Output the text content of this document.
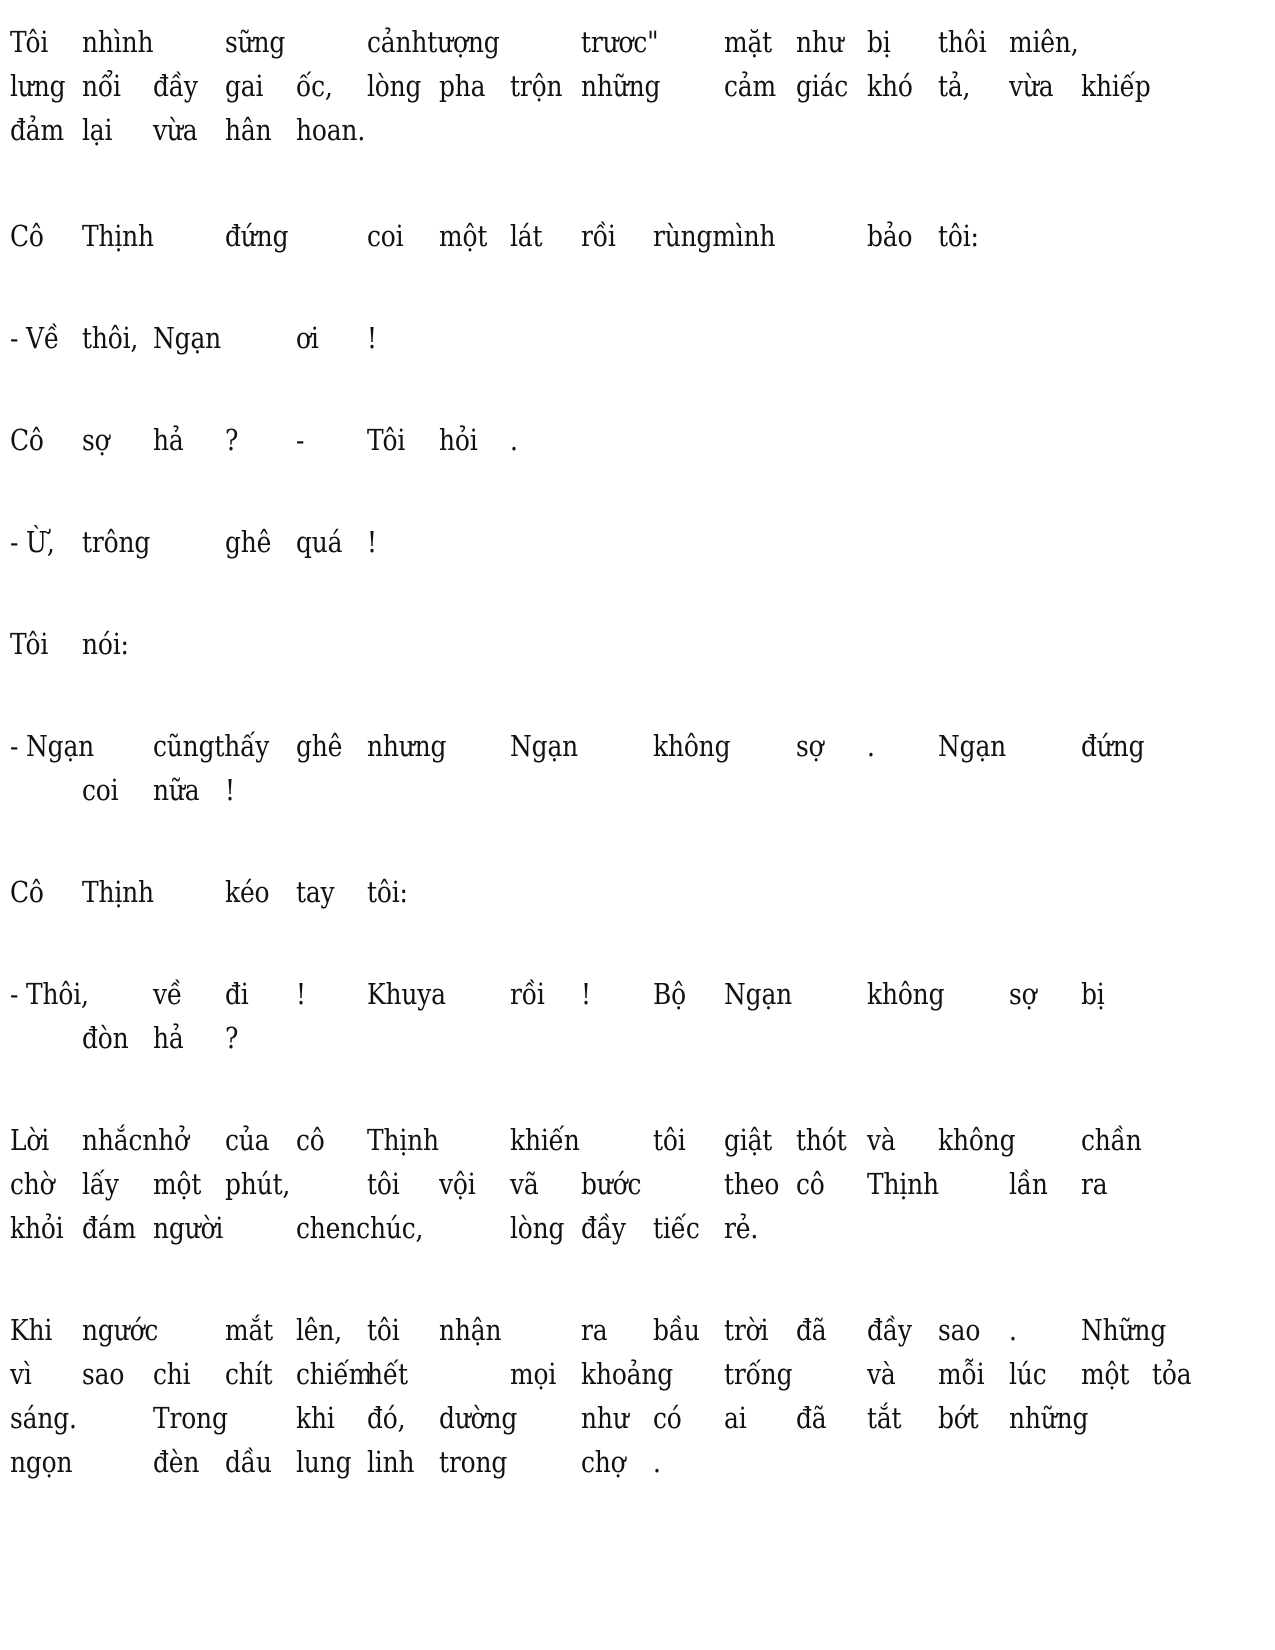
Tôi nhình sững	cảnhtượng	trươc" mặt như bị thôi miên,
lưng nổi đầy gai ốc, lòng pha trộn những cảm giác khó tả, vừa khiếp
đảm lại vừa hân hoan.
Cô Thịnh đứng	coi một lát rồi rùngmình	bảo tôi:
- Về thôi, Ngạn	ơi !
Cô sợ hả ? - Tôi hỏi .
- Ừ, trông	ghê quá !
Tôi nói:
- Ngạn cũngthấy ghê nhưng Ngạn	không sợ . Ngạn	đứng
coi nữa !
Cô Thịnh kéo tay tôi:
- Thôi, về đi ! Khuya rồi ! Bộ Ngạn	không sợ bị
đòn hả ?
Lời nhắcnhở của cô Thịnh khiến	tôi giật thót và không chần
chờ lấy một phút,	tôi vội vã bước	theo cô Thịnh lần ra
khỏi đám người	chenchúc,	lòng đầy tiếc rẻ.
Khi ngước mắt lên, tôi nhận	ra bầu trời đã đầy sao . Những
vì sao chi chít chiếm
hết	mọi khoảng trống	và mỗi lúc một tỏa
sáng.	Trong khi đó, dường như có ai đã tắt bớt những
ngọn	đèn dầu lung linh trong	chợ .
